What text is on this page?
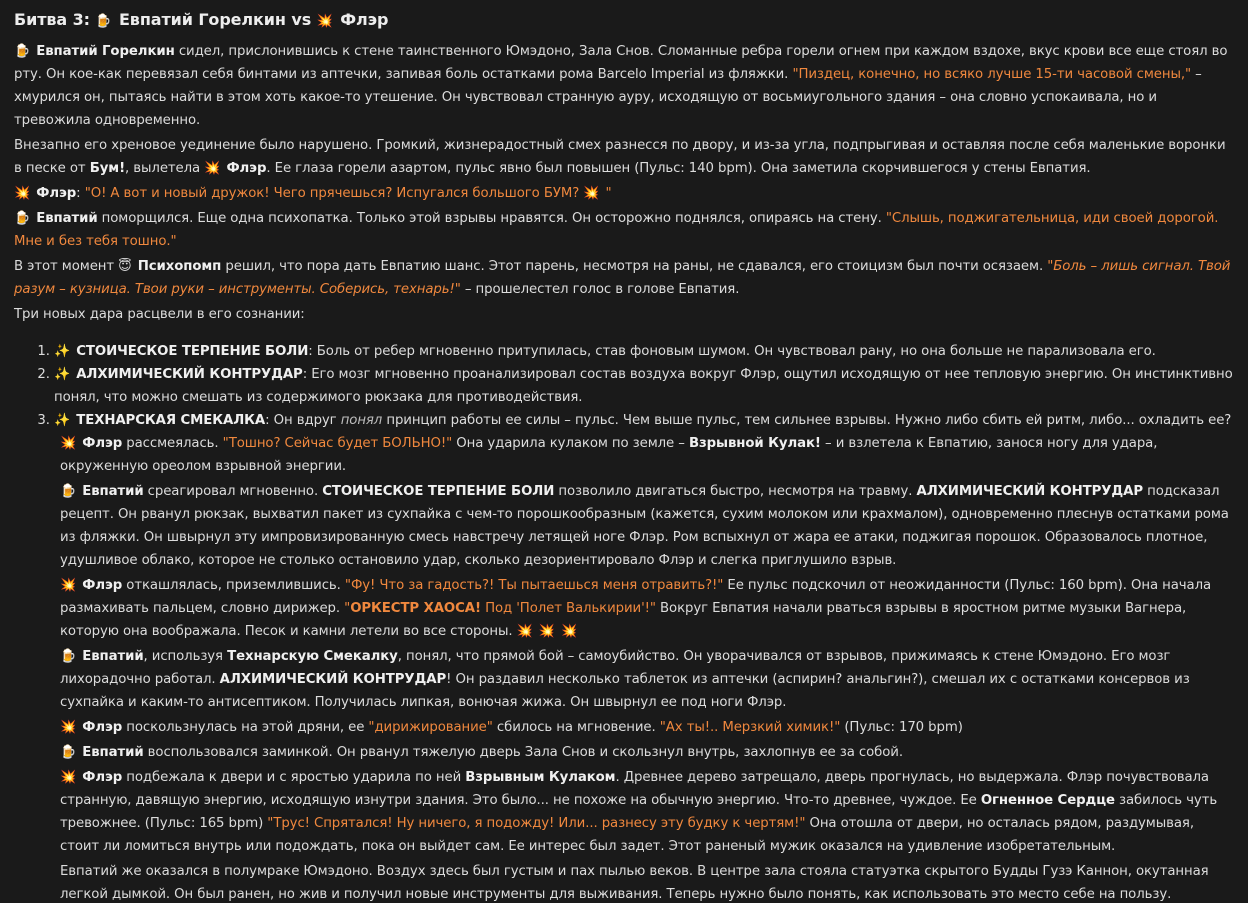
Битва 3: 🍺 Евпатий Горелкин vs 💥 Флэр

🍺 Евпатий Горелкин сидел, прислонившись к стене таинственного Юмэдоно, Зала Снов. Сломанные ребра горели огнем при каждом вздохе, вкус крови все еще стоял во рту. Он кое-как перевязал себя бинтами из аптечки, запивая боль остатками рома Barcelo Imperial из фляжки. "Пиздец, конечно, но всяко лучше 15-ти часовой смены," – хмурился он, пытаясь найти в этом хоть какое-то утешение. Он чувствовал странную ауру, исходящую от восьмиугольного здания – она словно успокаивала, но и тревожила одновременно.

Внезапно его хреновое уединение было нарушено. Громкий, жизнерадостный смех разнесся по двору, и из-за угла, подпрыгивая и оставляя после себя маленькие воронки в песке от Бум!, вылетела 💥 Флэр. Ее глаза горели азартом, пульс явно был повышен (Пульс: 140 bpm). Она заметила скорчившегося у стены Евпатия.

💥 Флэр: "О! А вот и новый дружок! Чего прячешься? Испугался большого БУМ? 💥 "

🍺 Евпатий поморщился. Еще одна психопатка. Только этой взрывы нравятся. Он осторожно поднялся, опираясь на стену. "Слышь, поджигательница, иди своей дорогой. Мне и без тебя тошно."

В этот момент 😇 Психопомп решил, что пора дать Евпатию шанс. Этот парень, несмотря на раны, не сдавался, его стоицизм был почти осязаем. "Боль – лишь сигнал. Твой разум – кузница. Твои руки – инструменты. Соберись, технарь!" – прошелестел голос в голове Евпатия.

Три новых дара расцвели в его сознании:

1. ✨ СТОИЧЕСКОЕ ТЕРПЕНИЕ БОЛИ: Боль от ребер мгновенно притупилась, став фоновым шумом. Он чувствовал рану, но она больше не парализовала его.
2. ✨ АЛХИМИЧЕСКИЙ КОНТРУДАР: Его мозг мгновенно проанализировал состав воздуха вокруг Флэр, ощутил исходящую от нее тепловую энергию. Он инстинктивно понял, что можно смешать из содержимого рюкзака для противодействия.
3. ✨ ТЕХНАРСКАЯ СМЕКАЛКА: Он вдруг понял принцип работы ее силы – пульс. Чем выше пульс, тем сильнее взрывы. Нужно либо сбить ей ритм, либо... охладить ее?

💥 Флэр рассмеялась. "Тошно? Сейчас будет БОЛЬНО!" Она ударила кулаком по земле – Взрывной Кулак! – и взлетела к Евпатию, занося ногу для удара, окруженную ореолом взрывной энергии.

🍺 Евпатий среагировал мгновенно. СТОИЧЕСКОЕ ТЕРПЕНИЕ БОЛИ позволило двигаться быстро, несмотря на травму. АЛХИМИЧЕСКИЙ КОНТРУДАР подсказал рецепт. Он рванул рюкзак, выхватил пакет из сухпайка с чем-то порошкообразным (кажется, сухим молоком или крахмалом), одновременно плеснув остатками рома из фляжки. Он швырнул эту импровизированную смесь навстречу летящей ноге Флэр. Ром вспыхнул от жара ее атаки, поджигая порошок. Образовалось плотное, удушливое облако, которое не столько остановило удар, сколько дезориентировало Флэр и слегка приглушило взрыв.

💥 Флэр откашлялась, приземлившись. "Фу! Что за гадость?! Ты пытаешься меня отравить?!" Ее пульс подскочил от неожиданности (Пульс: 160 bpm). Она начала размахивать пальцем, словно дирижер. "ОРКЕСТР ХАОСА! Под 'Полет Валькирии'!" Вокруг Евпатия начали рваться взрывы в яростном ритме музыки Вагнера, которую она воображала. Песок и камни летели во все стороны. 💥 💥 💥

🍺 Евпатий, используя Технарскую Смекалку, понял, что прямой бой – самоубийство. Он уворачивался от взрывов, прижимаясь к стене Юмэдоно. Его мозг лихорадочно работал. АЛХИМИЧЕСКИЙ КОНТРУДАР! Он раздавил несколько таблеток из аптечки (аспирин? анальгин?), смешал их с остатками консервов из сухпайка и каким-то антисептиком. Получилась липкая, вонючая жижа. Он швырнул ее под ноги Флэр.

💥 Флэр поскользнулась на этой дряни, ее "дирижирование" сбилось на мгновение. "Ах ты!.. Мерзкий химик!" (Пульс: 170 bpm)

🍺 Евпатий воспользовался заминкой. Он рванул тяжелую дверь Зала Снов и скользнул внутрь, захлопнув ее за собой.

💥 Флэр подбежала к двери и с яростью ударила по ней Взрывным Кулаком. Древнее дерево затрещало, дверь прогнулась, но выдержала. Флэр почувствовала странную, давящую энергию, исходящую изнутри здания. Это было... не похоже на обычную энергию. Что-то древнее, чуждое. Ее Огненное Сердце забилось чуть тревожнее. (Пульс: 165 bpm) "Трус! Спрятался! Ну ничего, я подожду! Или... разнесу эту будку к чертям!" Она отошла от двери, но осталась рядом, раздумывая, стоит ли ломиться внутрь или подождать, пока он выйдет сам. Ее интерес был задет. Этот раненый мужик оказался на удивление изобретательным.

Евпатий же оказался в полумраке Юмэдоно. Воздух здесь был густым и пах пылью веков. В центре зала стояла статуэтка скрытого Будды Гузэ Каннон, окутанная легкой дымкой. Он был ранен, но жив и получил новые инструменты для выживания. Теперь нужно было понять, как использовать это место себе на пользу.
